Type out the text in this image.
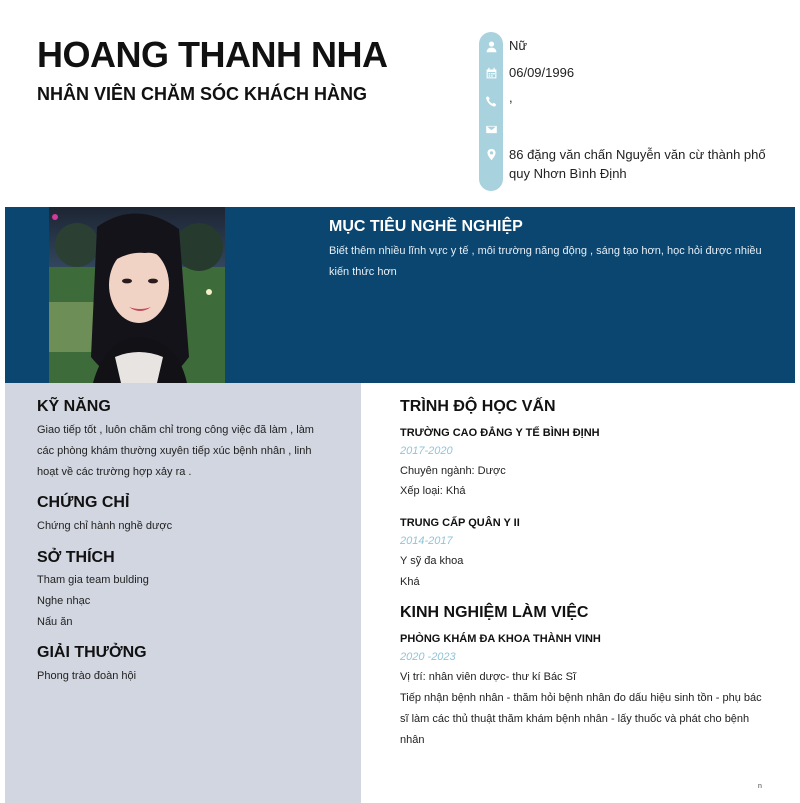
HOANG THANH NHA
NHÂN VIÊN CHĂM SÓC KHÁCH HÀNG
Nữ
06/09/1996
,
86 đặng văn chấn Nguyễn văn cừ thành phố quy Nhơn Bình Định
MỤC TIÊU NGHỀ NGHIỆP
Biết thêm nhiều lĩnh vực y tế , môi trường năng động , sáng tạo hơn, học hỏi được nhiều kiến thức hơn
KỸ NĂNG
Giao tiếp tốt , luôn chăm chỉ trong công việc đã làm , làm các phòng khám thường xuyên tiếp xúc bệnh nhân , linh hoạt về các trường hợp xảy ra .
CHỨNG CHỈ
Chứng chỉ hành nghề dược
SỞ THÍCH
Tham gia team bulding
Nghe nhạc
Nấu ăn
GIẢI THƯỞNG
Phong trào đoàn hội
TRÌNH ĐỘ HỌC VẤN
TRƯỜNG CAO ĐẲNG Y TẾ BÌNH ĐỊNH
2017-2020
Chuyên ngành: Dược
Xếp loại: Khá
TRUNG CẤP QUÂN Y II
2014-2017
Y sỹ đa khoa
Khá
KINH NGHIỆM LÀM VIỆC
PHÒNG KHÁM ĐA KHOA THÀNH VINH
2020 -2023
Vị trí: nhân viên dược- thư kí Bác Sĩ
Tiếp nhận bệnh nhân - thăm hỏi bệnh nhân đo dấu hiệu sinh tồn - phụ bác sĩ làm các thủ thuật thăm khám bệnh nhân - lấy thuốc và phát cho bệnh nhân
n
